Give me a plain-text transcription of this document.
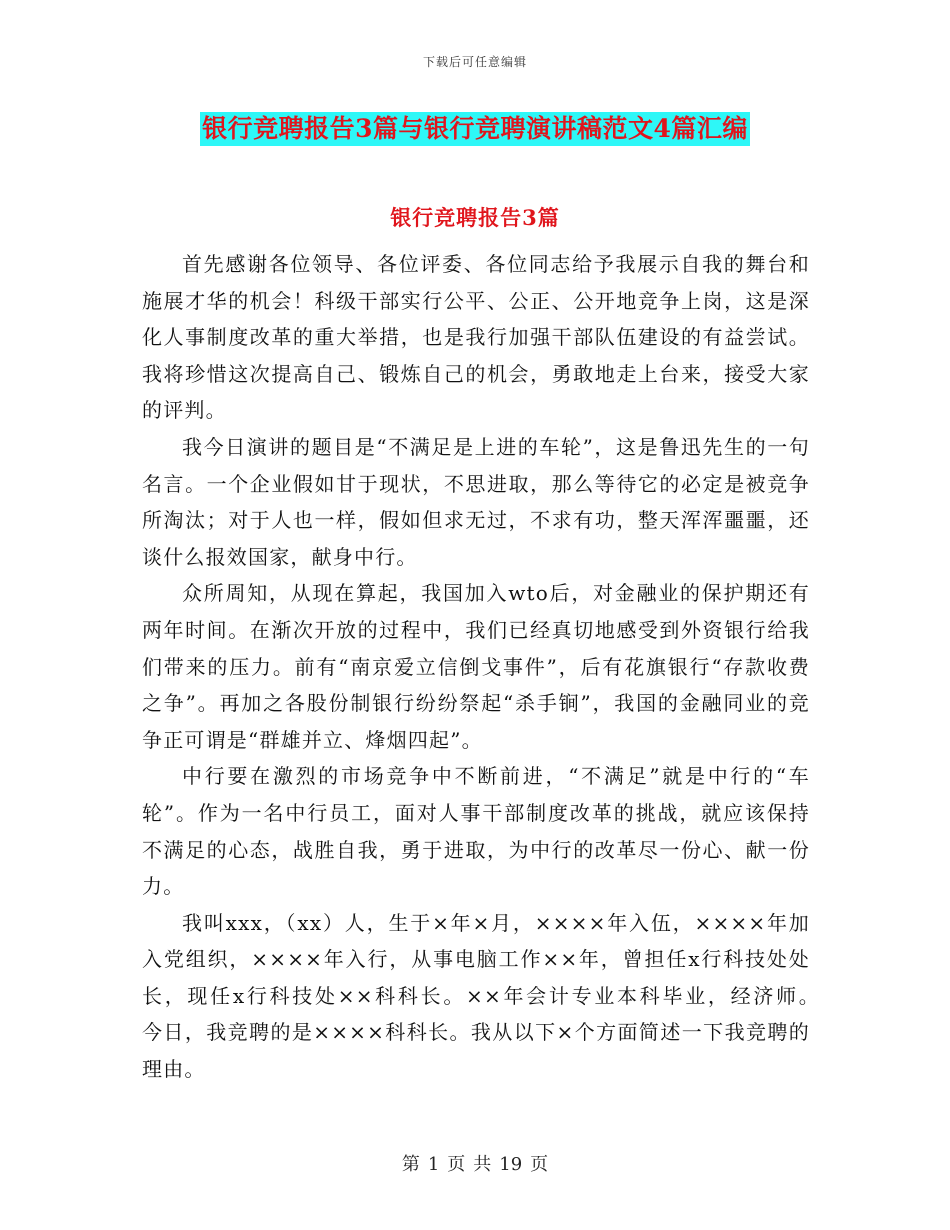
下载后可任意编辑
银行竞聘报告3篇与银行竞聘演讲稿范文4篇汇编
银行竞聘报告3篇

首先感谢各位领导、各位评委、各位同志给予我展示自我的舞台和施展才华的机会！科级干部实行公平、公正、公开地竞争上岗，这是深化人事制度改革的重大举措，也是我行加强干部队伍建设的有益尝试。我将珍惜这次提高自己、锻炼自己的机会，勇敢地走上台来，接受大家的评判。

我今日演讲的题目是“不满足是上进的车轮”，这是鲁迅先生的一句名言。一个企业假如甘于现状，不思进取，那么等待它的必定是被竞争所淘汰；对于人也一样，假如但求无过，不求有功，整天浑浑噩噩，还谈什么报效国家，献身中行。

众所周知，从现在算起，我国加入wto后，对金融业的保护期还有两年时间。在渐次开放的过程中，我们已经真切地感受到外资银行给我们带来的压力。前有“南京爱立信倒戈事件”，后有花旗银行“存款收费之争”。再加之各股份制银行纷纷祭起“杀手锏”，我国的金融同业的竞争正可谓是“群雄并立、烽烟四起”。

中行要在激烈的市场竞争中不断前进，“不满足”就是中行的“车轮”。作为一名中行员工，面对人事干部制度改革的挑战，就应该保持不满足的心态，战胜自我，勇于进取，为中行的改革尽一份心、献一份力。

我叫xxx，（xx）人，生于×年×月，××××年入伍，××××年加入党组织，××××年入行，从事电脑工作××年，曾担任x行科技处处长，现任x行科技处××科科长。××年会计专业本科毕业，经济师。　　今日，我竞聘的是××××科科长。我从以下×个方面简述一下我竞聘的理由。

第 1 页 共 19 页
